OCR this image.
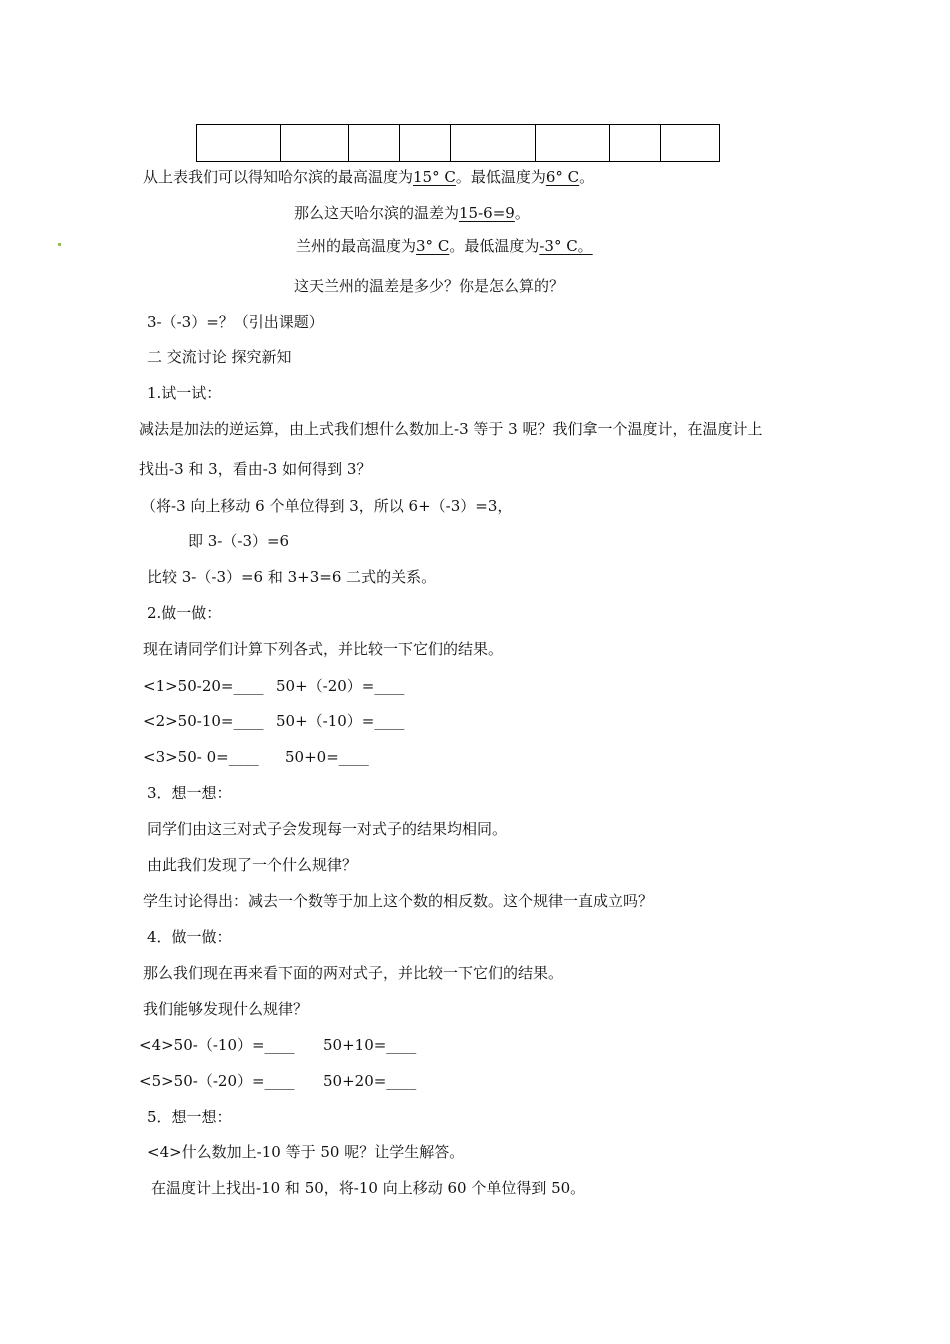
从上表我们可以得知哈尔滨的最高温度为15° C。最低温度为6° C。
那么这天哈尔滨的温差为15-6=9。
兰州的最高温度为3° C。最低温度为-3° C。
这天兰州的温差是多少？你是怎么算的？
3-（-3）=？（引出课题）
二 交流讨论 探究新知
1.试一试：
减法是加法的逆运算，由上式我们想什么数加上-3 等于 3 呢？我们拿一个温度计，在温度计上
找出-3 和 3，看由-3 如何得到 3？
（将-3 向上移动 6 个单位得到 3，所以 6+（-3）=3，
即 3-（-3）=6
比较 3-（-3）=6 和 3+3=6 二式的关系。
2.做一做：
现在请同学们计算下列各式，并比较一下它们的结果。
<1>50-20=____ 50+（-20）=____
<2>50-10=____ 50+（-10）=____
<3>50- 0=____ 50+0=____
3．想一想：
同学们由这三对式子会发现每一对式子的结果均相同。
由此我们发现了一个什么规律？
学生讨论得出：减去一个数等于加上这个数的相反数。这个规律一直成立吗？
4．做一做：
那么我们现在再来看下面的两对式子，并比较一下它们的结果。
我们能够发现什么规律？
<4>50-（-10）=____ 50+10=____
<5>50-（-20）=____ 50+20=____
5．想一想：
<4>什么数加上-10 等于 50 呢？让学生解答。
在温度计上找出-10 和 50，将-10 向上移动 60 个单位得到 50。
